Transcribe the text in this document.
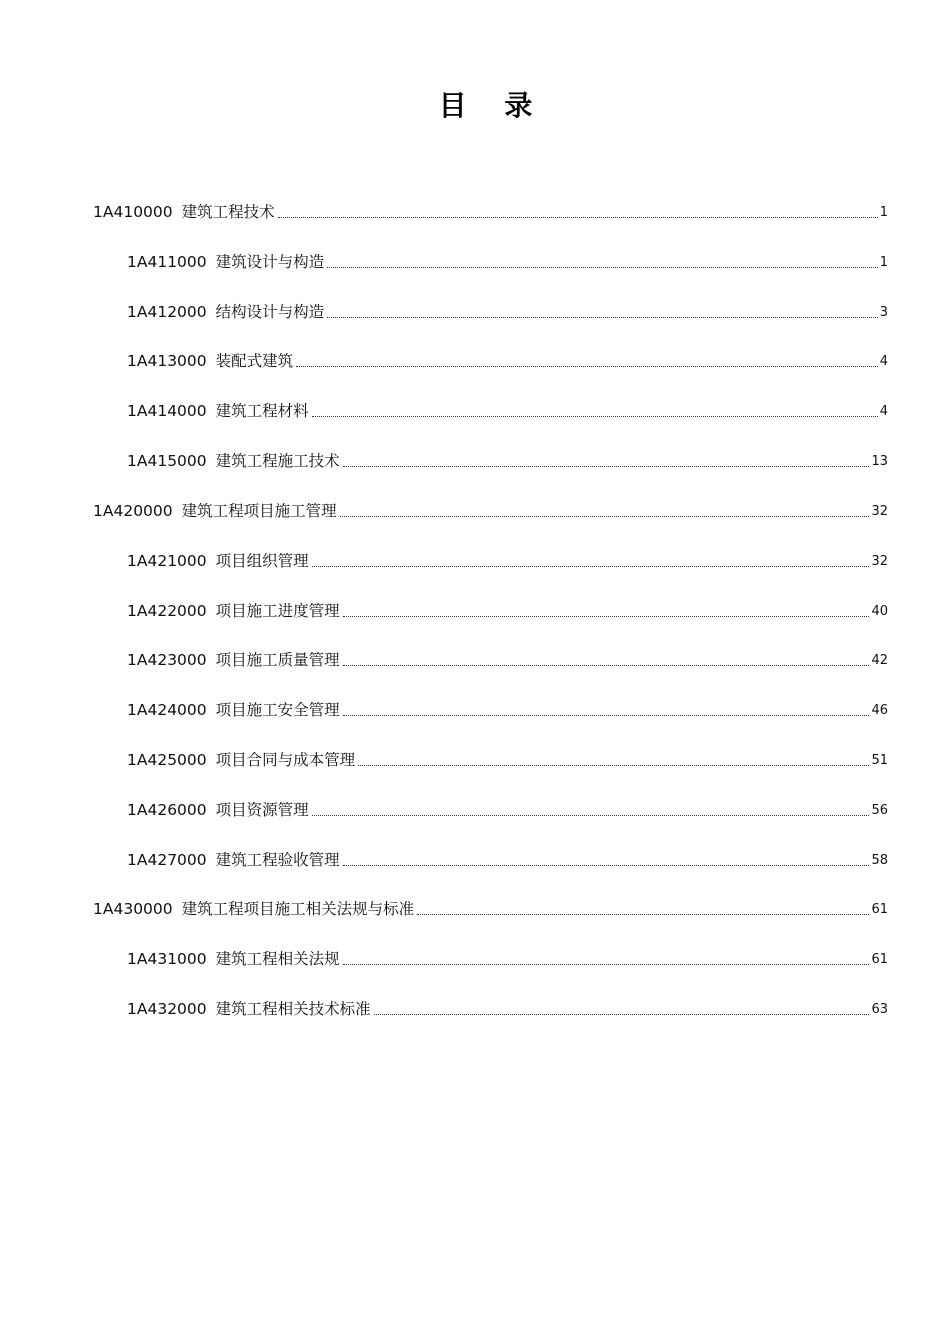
目 录
1A410000 建筑工程技术	1
1A411000 建筑设计与构造	1
1A412000 结构设计与构造	3
1A413000 装配式建筑	4
1A414000 建筑工程材料	4
1A415000 建筑工程施工技术	13
1A420000 建筑工程项目施工管理	32
1A421000 项目组织管理	32
1A422000 项目施工进度管理	40
1A423000 项目施工质量管理	42
1A424000 项目施工安全管理	46
1A425000 项目合同与成本管理	51
1A426000 项目资源管理	56
1A427000 建筑工程验收管理	58
1A430000 建筑工程项目施工相关法规与标准	61
1A431000 建筑工程相关法规	61
1A432000 建筑工程相关技术标准	63
